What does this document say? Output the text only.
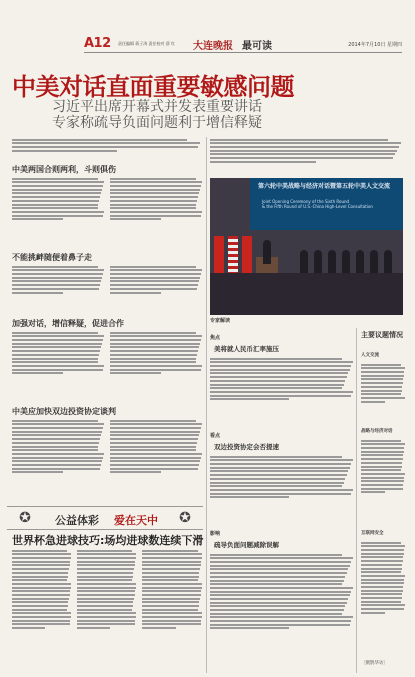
A12 责任编辑 蒋子涛 责任校对 薛 红 大连晚报 最可读	2014年7月10日 星期四
中美对话直面重要敏感问题
习近平出席开幕式并发表重要讲话
专家称疏导负面问题利于增信释疑
中美两国合则两利，斗则俱伤
不能挑衅随便着鼻子走
加强对话，增信释疑，促进合作
中美应加快双边投资协定谈判
第六轮中美战略与经济对话暨第五轮中美人文交流
Joint Opening Ceremony of the Sixth Round
& the Fifth Round of U.S.-China High-Level Consultation
专家解读
焦点
美将就人民币汇率施压
看点
双边投资协定会否提速
影响
疏导负面问题减除误解
主要议题情况
人文交流
战略与经济对话
互联网安全
〔摄鹊华访〕
✪ 公益体彩 爱在天中 ✪
世界杯急进球技巧:场均进球数连续下滑
